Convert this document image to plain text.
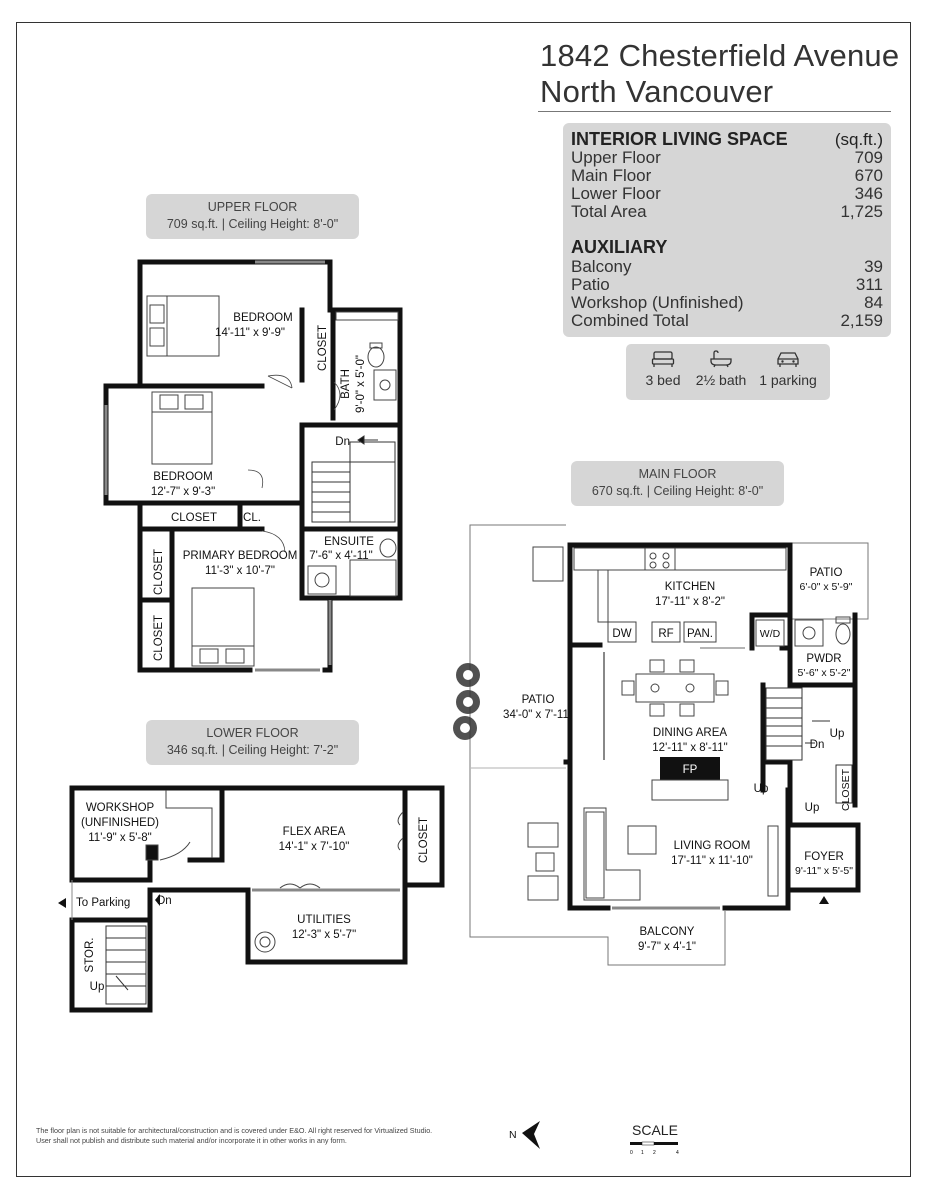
1842 Chesterfield Avenue
North Vancouver
INTERIOR LIVING SPACE	(sq.ft.)
Upper Floor	709
Main Floor	670
Lower Floor	346
Total Area	1,725
AUXILIARY
Balcony	39
Patio	311
Workshop (Unfinished)	84
Combined Total	2,159
3 bed	2½ bath 1 parking
UPPER FLOOR
709 sq.ft. | Ceiling Height: 8'-0"
MAIN FLOOR
670 sq.ft. | Ceiling Height: 8'-0"
LOWER FLOOR
346 sq.ft. | Ceiling Height: 7'-2"
BEDROOM
14'-11" x 9'-9"
BEDROOM
12'-7" x 9'-3"
PRIMARY BEDROOM
11'-3" x 10'-7"
ENSUITE
7'-6" x 4'-11"
CLOSET CL.
Dn
CLOSET
CLOSET
CLOSET
BATH 9'-0" x 5'-0"
FP
KITCHEN
17'-11" x 8'-2"
PATIO
6'-0" x 5'-9"
PATIO
34'-0" x 7'-11"
DINING AREA
12'-11" x 8'-11"
PWDR
5'-6" x 5'-2"
LIVING ROOM
17'-11" x 11'-10"	FOYER
9'-11" x 5'-5"
BALCONY
9'-7" x 4'-1"
DW RF PAN.	W/D
Up
Dn
Up
Up CLOSET
WORKSHOP
(UNFINISHED)
11'-9" x 5'-8"	FLEX AREA
14'-1" x 7'-10"
UTILITIES
12'-3" x 5'-7"
To Parking Dn
Up
STOR.
CLOSET
N
0 1 2	4
SCALE
The floor plan is not suitable for architectural/construction and is covered under E&O. All right reserved for Virtualized Studio. User shall not publish and distribute such material and/or incorporate it in other works in any form.
